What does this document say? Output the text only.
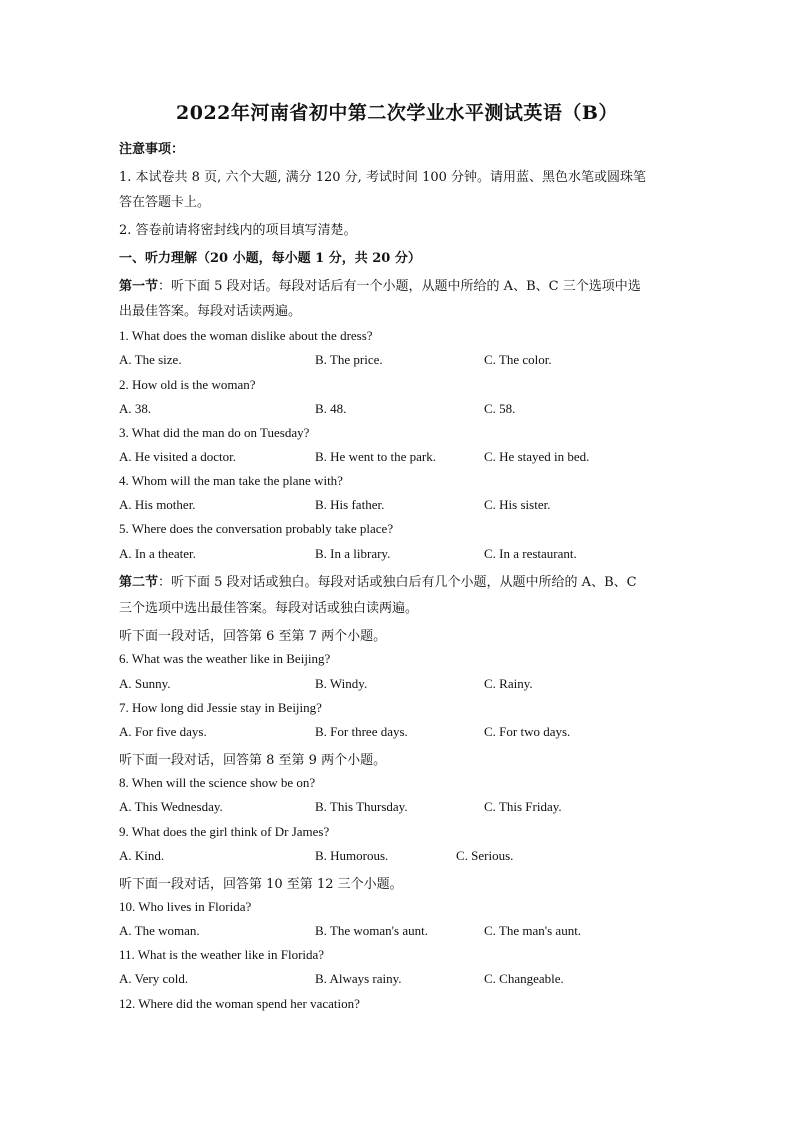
2022年河南省初中第二次学业水平测试英语（B）
注意事项：
1. 本试卷共 8 页, 六个大题, 满分 120 分, 考试时间 100 分钟。请用蓝、黑色水笔或圆珠笔
答在答题卡上。
2. 答卷前请将密封线内的项目填写清楚。
一、听力理解（20 小题，每小题 1 分，共 20 分）
第一节：听下面 5 段对话。每段对话后有一个小题，从题中所给的 A、B、C 三个选项中选
出最佳答案。每段对话读两遍。
1. What does the woman dislike about the dress?
A. The size.	B. The price.	C. The color.
2. How old is the woman?
A. 38.	B. 48.	C. 58.
3. What did the man do on Tuesday?
A. He visited a doctor.	B. He went to the park.	C. He stayed in bed.
4. Whom will the man take the plane with?
A. His mother.	B. His father.	C. His sister.
5. Where does the conversation probably take place?
A. In a theater.	B. In a library.	C. In a restaurant.
第二节：听下面 5 段对话或独白。每段对话或独白后有几个小题，从题中所给的 A、B、C
三个选项中选出最佳答案。每段对话或独白读两遍。
听下面一段对话，回答第 6 至第 7 两个小题。
6. What was the weather like in Beijing?
A. Sunny.	B. Windy.	C. Rainy.
7. How long did Jessie stay in Beijing?
A. For five days.	B. For three days.	C. For two days.
听下面一段对话，回答第 8 至第 9 两个小题。
8. When will the science show be on?
A. This Wednesday.	B. This Thursday.	C. This Friday.
9. What does the girl think of Dr James?
A. Kind.	B. Humorous.	C. Serious.
听下面一段对话，回答第 10 至第 12 三个小题。
10. Who lives in Florida?
A. The woman.	B. The woman's aunt.	C. The man's aunt.
11. What is the weather like in Florida?
A. Very cold.	B. Always rainy.	C. Changeable.
12. Where did the woman spend her vacation?
